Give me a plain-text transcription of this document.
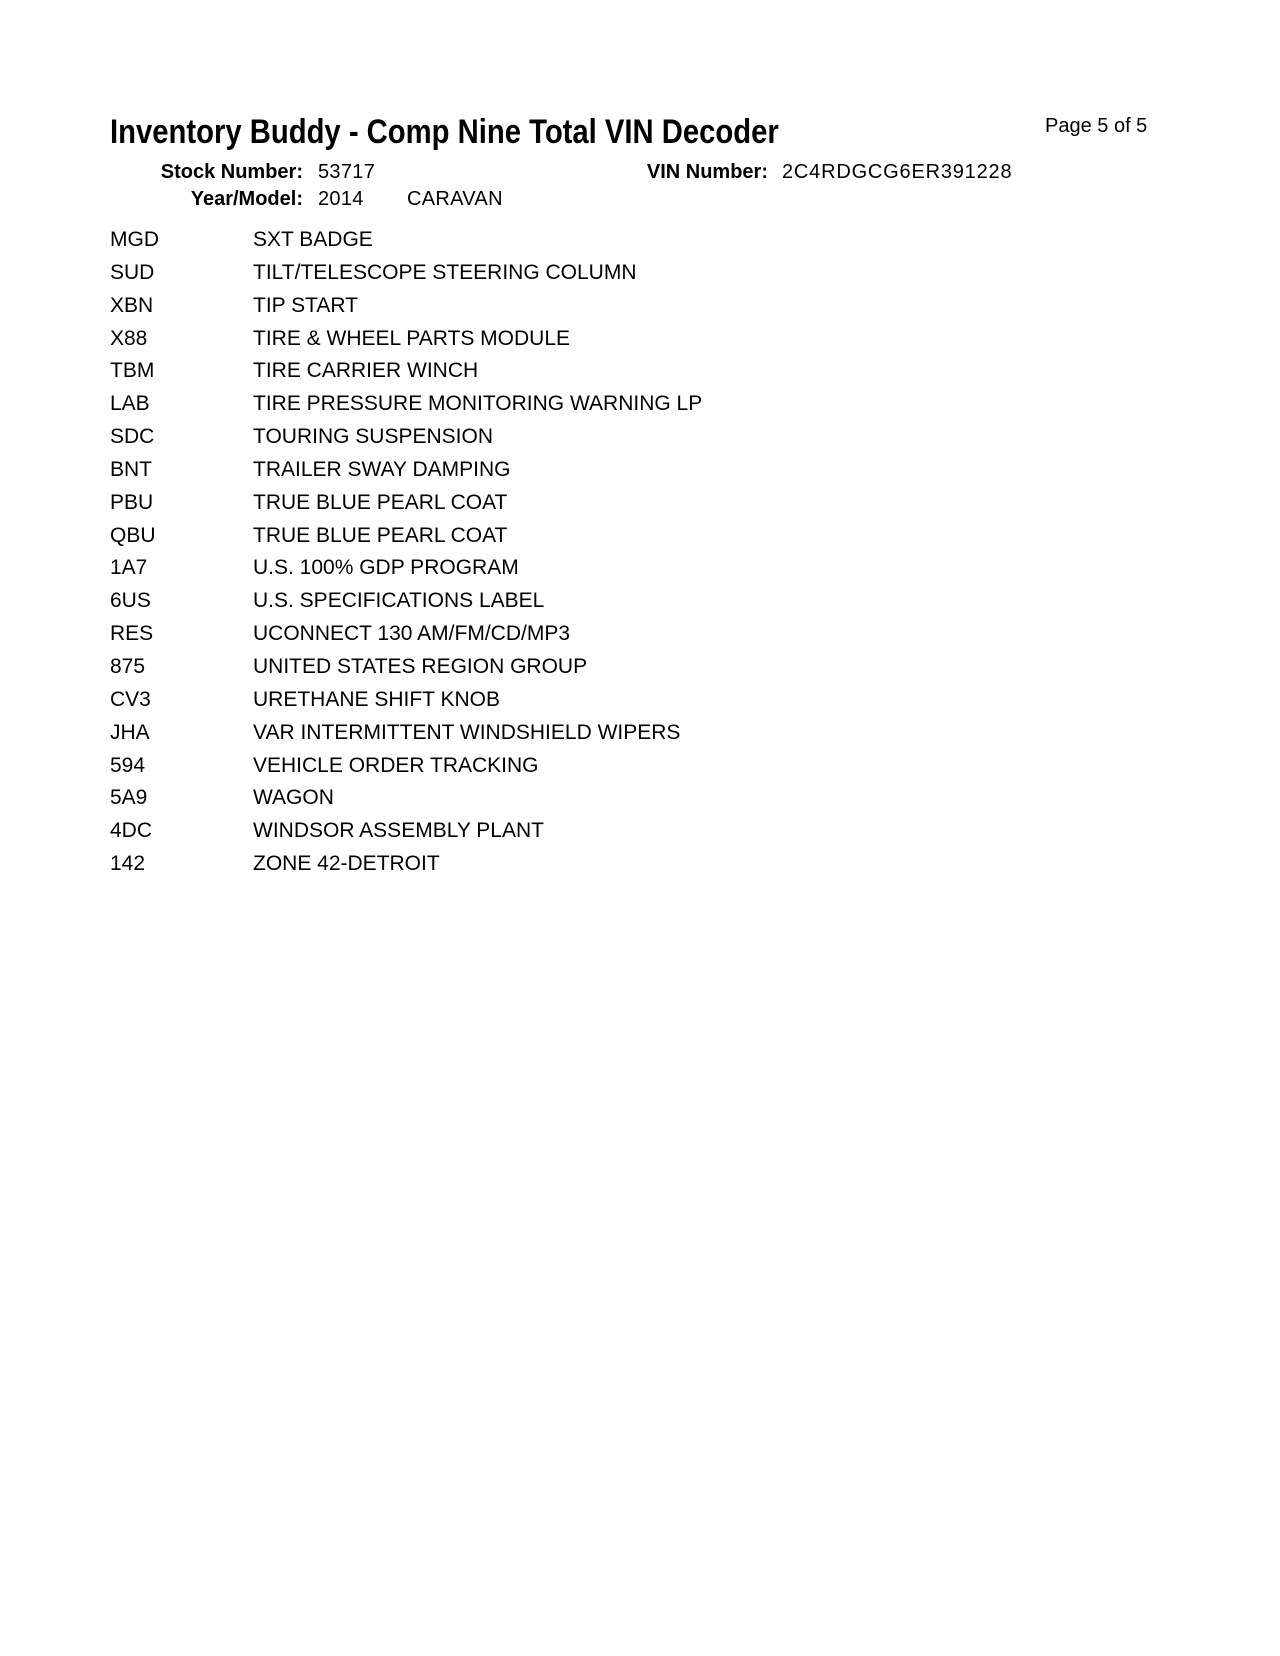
Inventory Buddy - Comp Nine Total VIN Decoder	Page 5 of 5
Stock Number: 53717	VIN Number: 2C4RDGCG6ER391228
Year/Model: 2014 CARAVAN
MGD	SXT BADGE
SUD	TILT/TELESCOPE STEERING COLUMN
XBN	TIP START
X88	TIRE & WHEEL PARTS MODULE
TBM	TIRE CARRIER WINCH
LAB	TIRE PRESSURE MONITORING WARNING LP
SDC	TOURING SUSPENSION
BNT	TRAILER SWAY DAMPING
PBU	TRUE BLUE PEARL COAT
QBU	TRUE BLUE PEARL COAT
1A7	U.S. 100% GDP PROGRAM
6US	U.S. SPECIFICATIONS LABEL
RES	UCONNECT 130 AM/FM/CD/MP3
875	UNITED STATES REGION GROUP
CV3	URETHANE SHIFT KNOB
JHA	VAR INTERMITTENT WINDSHIELD WIPERS
594	VEHICLE ORDER TRACKING
5A9	WAGON
4DC	WINDSOR ASSEMBLY PLANT
142	ZONE 42-DETROIT
